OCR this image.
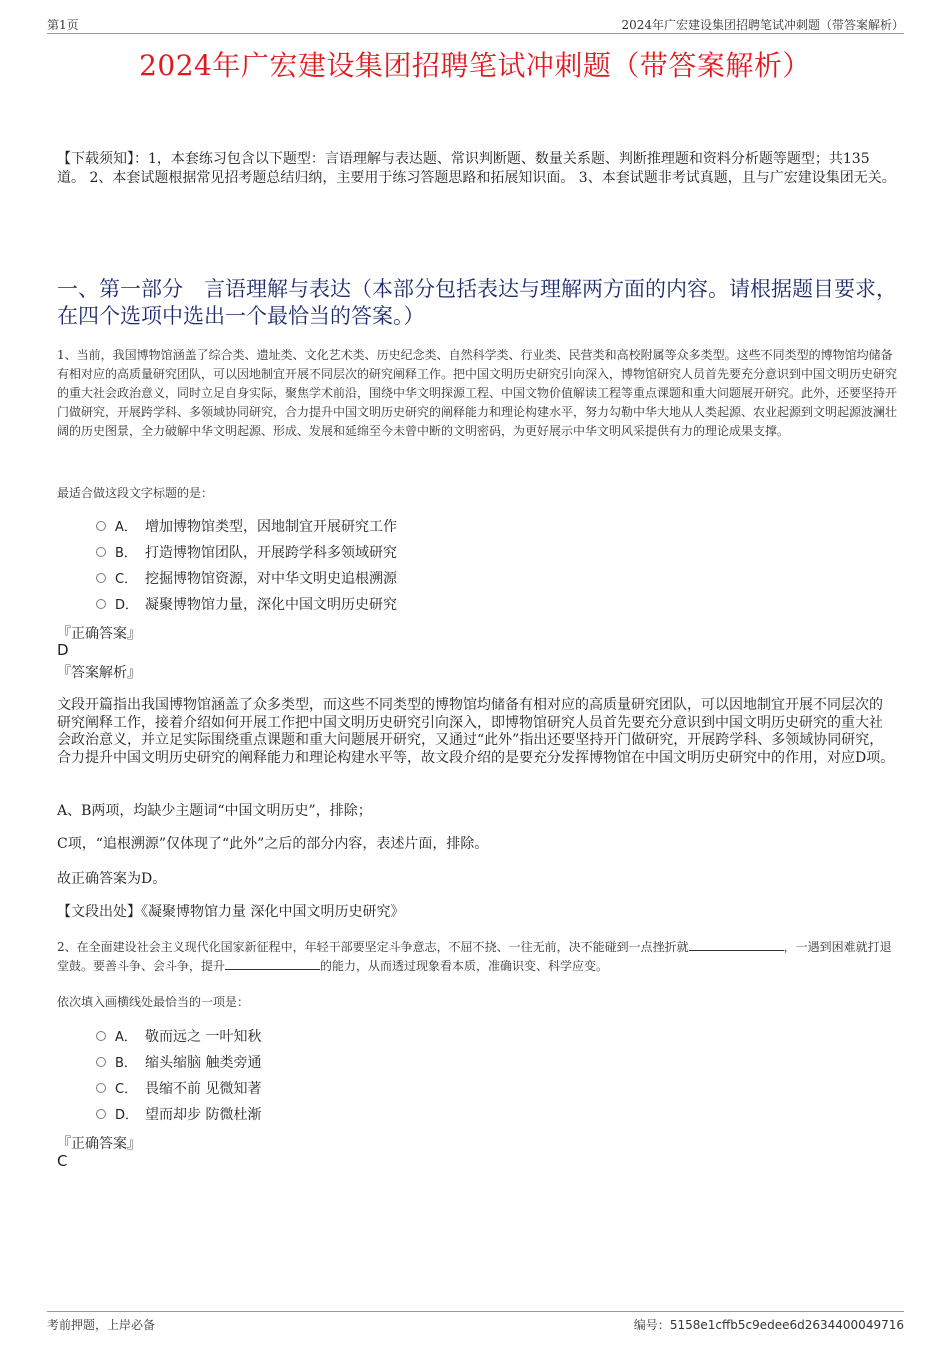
第1页	2024年广宏建设集团招聘笔试冲刺题（带答案解析）
2024年广宏建设集团招聘笔试冲刺题（带答案解析）
【下载须知】：1，本套练习包含以下题型：言语理解与表达题、常识判断题、数量关系题、判断推理题和资料分析题等题型；共135道。 2、本套试题根据常见招考题总结归纳，主要用于练习答题思路和拓展知识面。 3、本套试题非考试真题，且与广宏建设集团无关。
一、第一部分　言语理解与表达（本部分包括表达与理解两方面的内容。请根据题目要求，在四个选项中选出一个最恰当的答案。）
1、当前，我国博物馆涵盖了综合类、遗址类、文化艺术类、历史纪念类、自然科学类、行业类、民营类和高校附属等众多类型。这些不同类型的博物馆均储备有相对应的高质量研究团队，可以因地制宜开展不同层次的研究阐释工作。把中国文明历史研究引向深入，博物馆研究人员首先要充分意识到中国文明历史研究的重大社会政治意义，同时立足自身实际，聚焦学术前沿，围绕中华文明探源工程、中国文物价值解读工程等重点课题和重大问题展开研究。此外，还要坚持开门做研究，开展跨学科、多领域协同研究，合力提升中国文明历史研究的阐释能力和理论构建水平，努力勾勒中华大地从人类起源、农业起源到文明起源波澜壮阔的历史图景，全力破解中华文明起源、形成、发展和延绵至今未曾中断的文明密码，为更好展示中华文明风采提供有力的理论成果支撑。
最适合做这段文字标题的是：
A． 增加博物馆类型，因地制宜开展研究工作
B． 打造博物馆团队，开展跨学科多领域研究
C． 挖掘博物馆资源，对中华文明史追根溯源
D． 凝聚博物馆力量，深化中国文明历史研究
『正确答案』
D
『答案解析』
文段开篇指出我国博物馆涵盖了众多类型，而这些不同类型的博物馆均储备有相对应的高质量研究团队，可以因地制宜开展不同层次的研究阐释工作，接着介绍如何开展工作把中国文明历史研究引向深入，即博物馆研究人员首先要充分意识到中国文明历史研究的重大社会政治意义，并立足实际围绕重点课题和重大问题展开研究，又通过“此外”指出还要坚持开门做研究，开展跨学科、多领域协同研究，合力提升中国文明历史研究的阐释能力和理论构建水平等，故文段介绍的是要充分发挥博物馆在中国文明历史研究中的作用，对应D项。
A、B两项，均缺少主题词“中国文明历史”，排除；
C项，“追根溯源”仅体现了“此外”之后的部分内容，表述片面，排除。
故正确答案为D。
【文段出处】《凝聚博物馆力量 深化中国文明历史研究》
2、在全面建设社会主义现代化国家新征程中，年轻干部要坚定斗争意志，不屈不挠、一往无前，决不能碰到一点挫折就	，一遇到困难就打退堂鼓。要善斗争、会斗争，提升	的能力，从而透过现象看本质，准确识变、科学应变。
依次填入画横线处最恰当的一项是：
A． 敬而远之 一叶知秋
B． 缩头缩脑 触类旁通
C． 畏缩不前 见微知著
D． 望而却步 防微杜渐
『正确答案』
C
考前押题，上岸必备	编号：5158e1cffb5c9edee6d2634400049716
